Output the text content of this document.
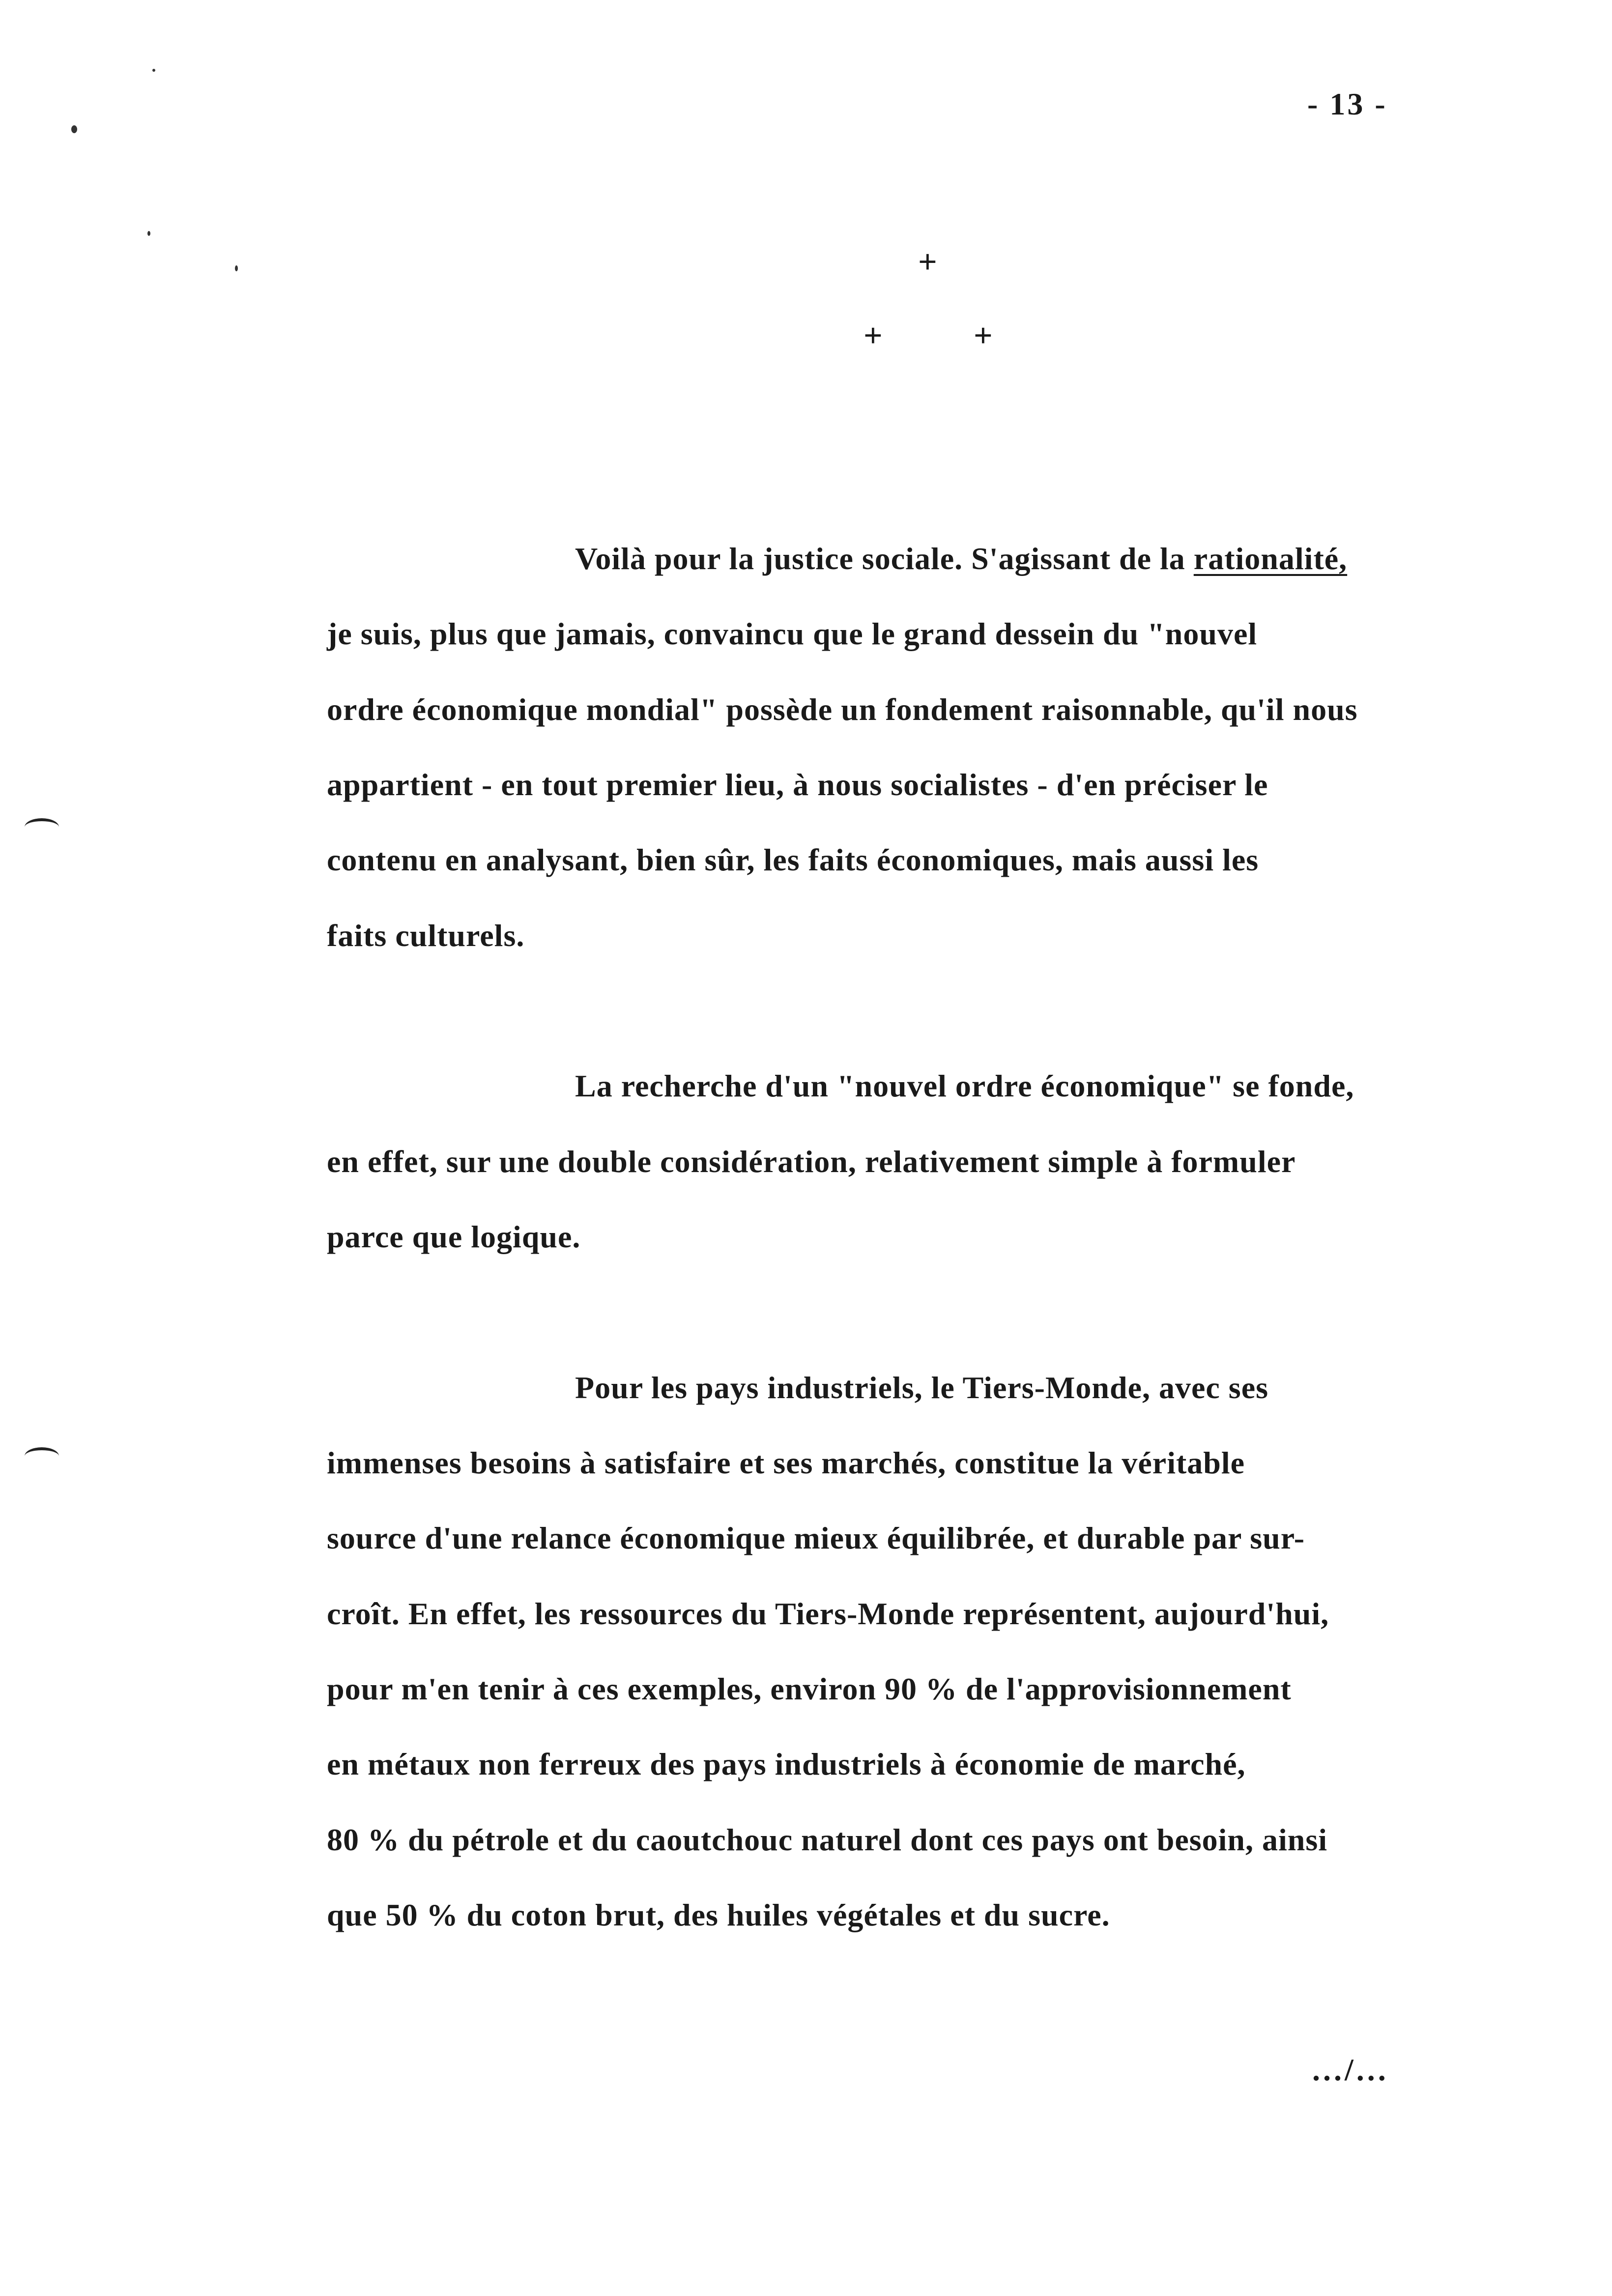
- 13 -
+
+	+
Voilà pour la justice sociale. S'agissant de la rationalité,
je suis, plus que jamais, convaincu que le grand dessein du "nouvel
ordre économique mondial" possède un fondement raisonnable, qu'il nous
appartient - en tout premier lieu, à nous socialistes - d'en préciser le
contenu en analysant, bien sûr, les faits économiques, mais aussi les
faits culturels.
La recherche d'un "nouvel ordre économique" se fonde,
en effet, sur une double considération, relativement simple à formuler
parce que logique.
Pour les pays industriels, le Tiers-Monde, avec ses
immenses besoins à satisfaire et ses marchés, constitue la véritable
source d'une relance économique mieux équilibrée, et durable par sur-
croît. En effet, les ressources du Tiers-Monde représentent, aujourd'hui,
pour m'en tenir à ces exemples, environ 90 % de l'approvisionnement
en métaux non ferreux des pays industriels à économie de marché,
80 % du pétrole et du caoutchouc naturel dont ces pays ont besoin, ainsi
que 50 % du coton brut, des huiles végétales et du sucre.
.../...
